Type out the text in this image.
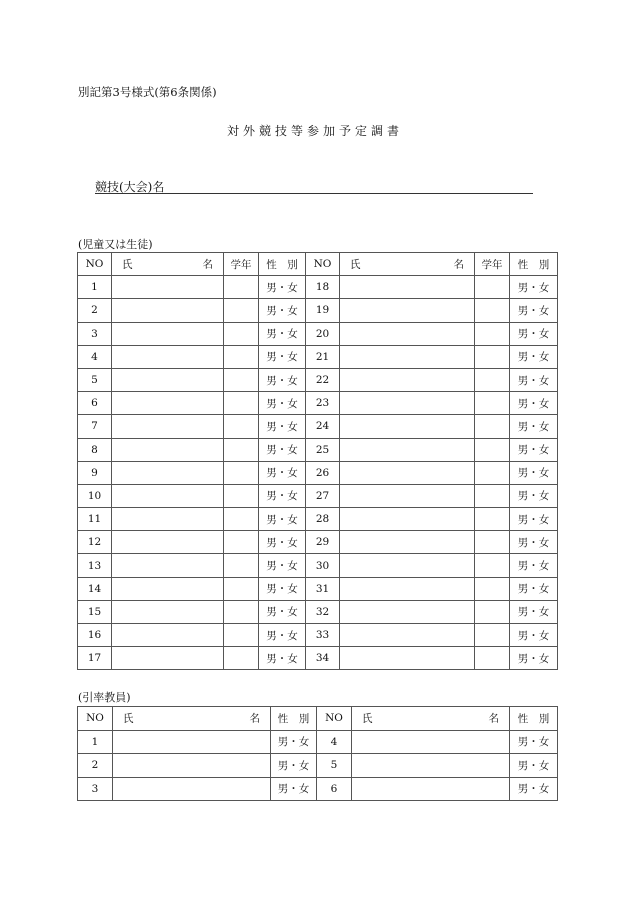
別記第3号様式(第6条関係)
対外競技等参加予定調書
競技(大会)名
(児童又は生徒)
NO	氏 名	学年	性　別	NO	氏 名	学年	性　別
1			男・女	18			男・女
2			男・女	19			男・女
3			男・女	20			男・女
4			男・女	21			男・女
5			男・女	22			男・女
6			男・女	23			男・女
7			男・女	24			男・女
8			男・女	25			男・女
9			男・女	26			男・女
10			男・女	27			男・女
11			男・女	28			男・女
12			男・女	29			男・女
13			男・女	30			男・女
14			男・女	31			男・女
15			男・女	32			男・女
16			男・女	33			男・女
17			男・女	34			男・女
(引率教員)
NO	氏 名	性　別	NO	氏 名	性　別
1		男・女	4		男・女
2		男・女	5		男・女
3		男・女	6		男・女
